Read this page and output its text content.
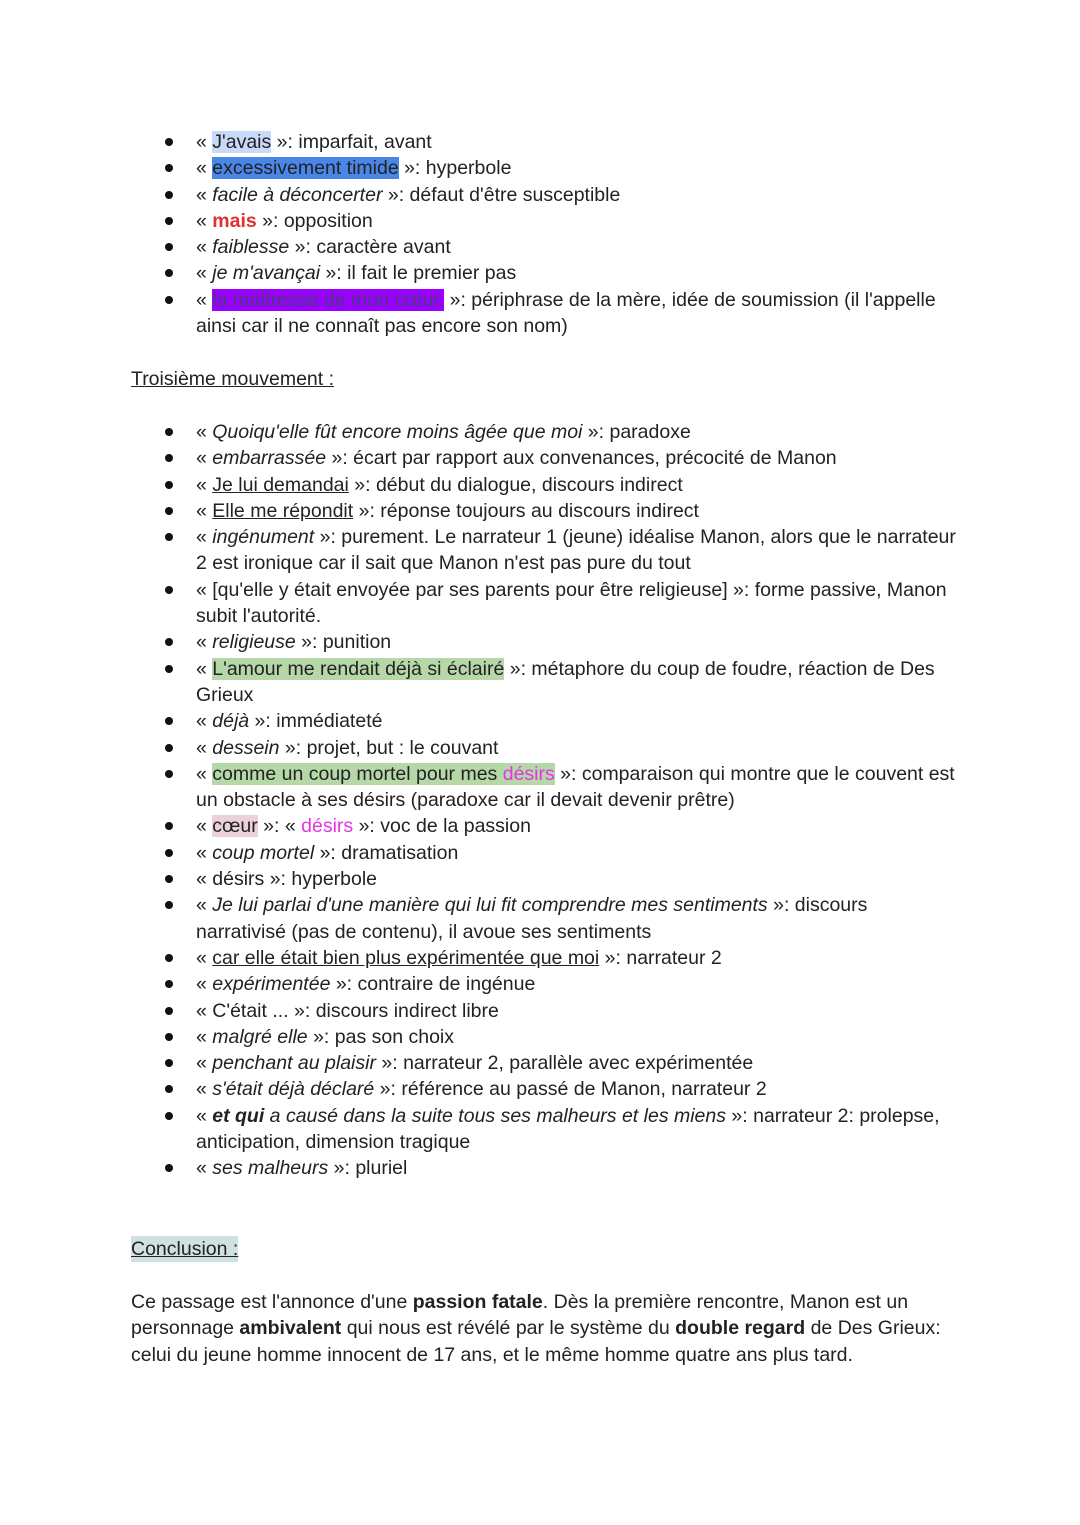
« J'avais »: imparfait, avant
« excessivement timide »: hyperbole
« facile à déconcerter »: défaut d'être susceptible
« mais »: opposition
« faiblesse »: caractère avant
« je m'avançai »: il fait le premier pas
« la maîtresse de mon cœur. »: périphrase de la mère, idée de soumission (il l'appelle ainsi car il ne connaît pas encore son nom)
Troisième mouvement :
« Quoiqu'elle fût encore moins âgée que moi »: paradoxe
« embarrassée »: écart par rapport aux convenances, précocité de Manon
« Je lui demandai »: début du dialogue, discours indirect
« Elle me répondit »: réponse toujours au discours indirect
« ingénument »: purement. Le narrateur 1 (jeune) idéalise Manon, alors que le narrateur 2 est ironique car il sait que Manon n'est pas pure du tout
« [qu'elle y était envoyée par ses parents pour être religieuse] »: forme passive, Manon subit l'autorité.
« religieuse »: punition
« L'amour me rendait déjà si éclairé »: métaphore du coup de foudre, réaction de Des Grieux
« déjà »: immédiateté
« dessein »: projet, but : le couvant
« comme un coup mortel pour mes désirs »: comparaison qui montre que le couvent est un obstacle à ses désirs (paradoxe car il devait devenir prêtre)
« cœur »: « désirs »: voc de la passion
« coup mortel »: dramatisation
« désirs »: hyperbole
« Je lui parlai d'une manière qui lui fit comprendre mes sentiments »: discours narrativisé (pas de contenu), il avoue ses sentiments
« car elle était bien plus expérimentée que moi »: narrateur 2
« expérimentée »: contraire de ingénue
« C'était ... »: discours indirect libre
« malgré elle »: pas son choix
« penchant au plaisir »: narrateur 2, parallèle avec expérimentée
« s'était déjà déclaré »: référence au passé de Manon, narrateur 2
« et qui a causé dans la suite tous ses malheurs et les miens »: narrateur 2: prolepse, anticipation, dimension tragique
« ses malheurs »: pluriel
Conclusion :

Ce passage est l'annonce d'une passion fatale. Dès la première rencontre, Manon est un personnage ambivalent qui nous est révélé par le système du double regard de Des Grieux: celui du jeune homme innocent de 17 ans, et le même homme quatre ans plus tard.
